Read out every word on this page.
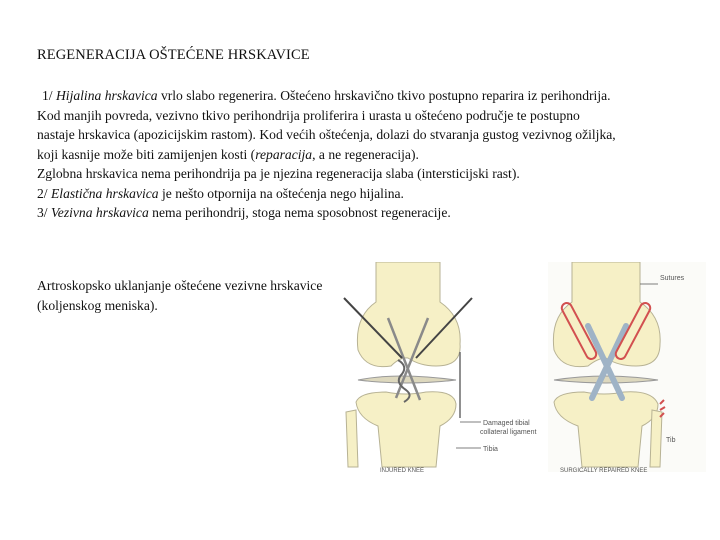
REGENERACIJA OŠTEĆENE HRSKAVICE

1/ Hijalina hrskavica vrlo slabo regenerira. Oštećeno hrskavično tkivo postupno reparira iz perihondrija.

Kod manjih povreda, vezivno tkivo perihondrija proliferira i urasta u oštećeno područje te postupno

nastaje hrskavica (apozicijskim rastom). Kod većih oštećenja, dolazi do stvaranja gustog vezivnog ožiljka,

koji kasnije može biti zamijenjen kosti (reparacija, a ne regeneracija).

Zglobna hrskavica nema perihondrija pa je njezina regeneracija slaba (intersticijski rast).

2/ Elastična hrskavica je nešto otpornija na oštećenja nego hijalina.

3/ Vezivna hrskavica nema perihondrij, stoga nema sposobnost regeneracije.

Artroskopsko uklanjanje oštećene vezivne hrskavice (koljenskog meniska).
Damaged tibial
collateral ligament
Tibia
INJURED KNEE
Sutures
Tib
SURGICALLY REPAIRED KNEE
